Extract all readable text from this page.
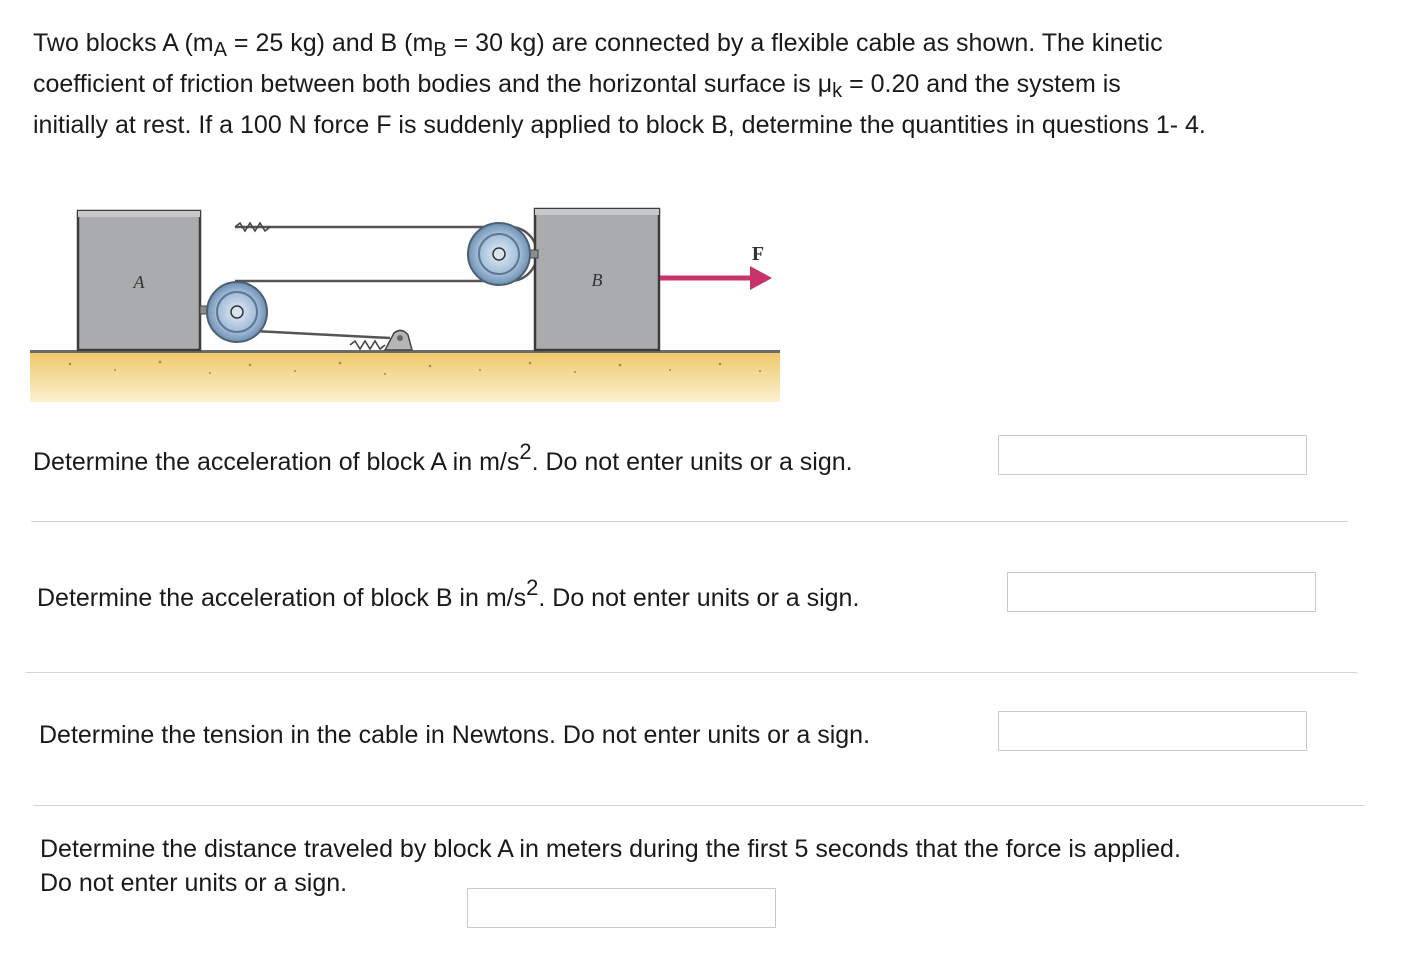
Two blocks A ($m_A = 25$ kg) and B ($m_B = 30$ kg) are connected by a flexible cable as shown. The kinetic
coefficient of friction between both bodies and the horizontal surface is $\mu_k = 0.20$ and the system is
initially at rest. If a 100 N force F is suddenly applied to block B, determine the quantities in questions 1- 4.

A	B
F

Determine the acceleration of block A in m/s2. Do not enter units or a sign.

Determine the acceleration of block B in m/s2. Do not enter units or a sign.

Determine the tension in the cable in Newtons. Do not enter units or a sign.

Determine the distance traveled by block A in meters during the first 5 seconds that the force is applied.
Do not enter units or a sign.
